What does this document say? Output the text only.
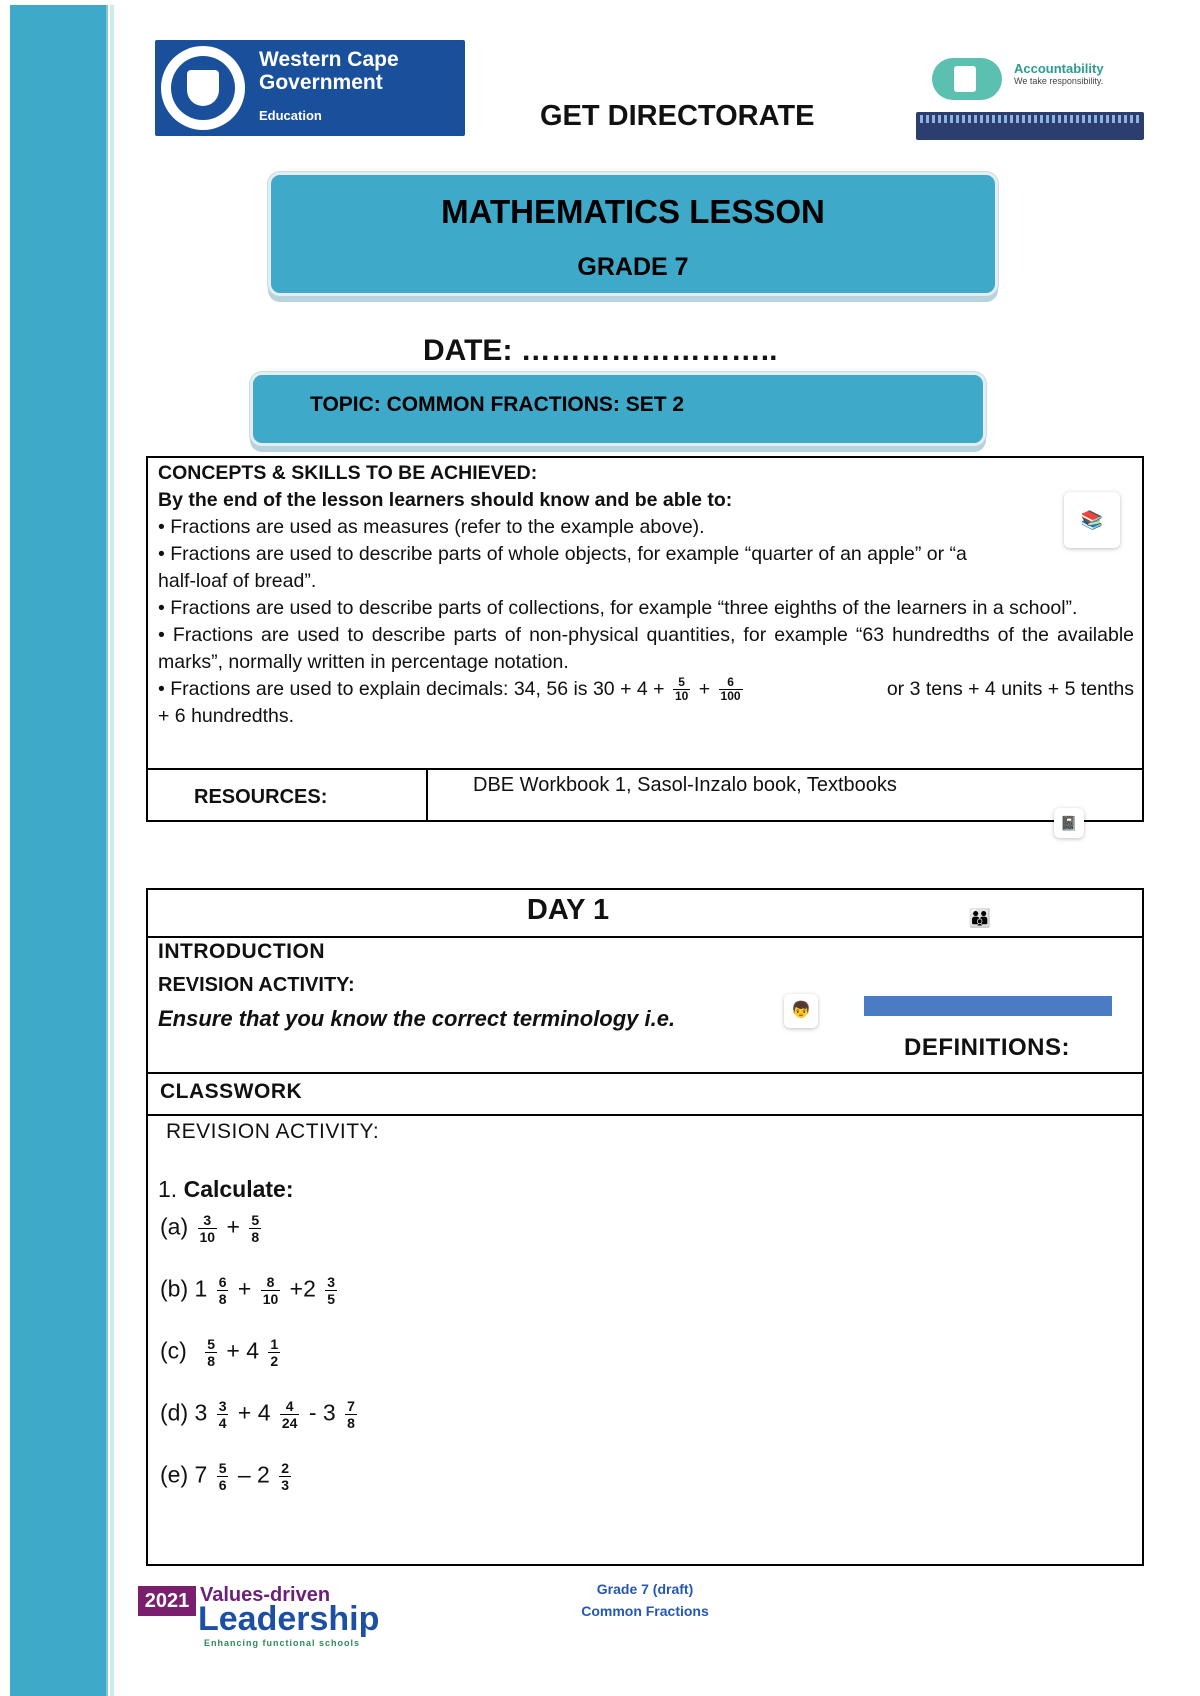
Western Cape
Government
Education	GET DIRECTORATE
Accountability
We take responsibility.
MATHEMATICS LESSON
GRADE 7
DATE: ……………………..
TOPIC: COMMON FRACTIONS: SET 2
CONCEPTS & SKILLS TO BE ACHIEVED:
By the end of the lesson learners should know and be able to:
• Fractions are used as measures (refer to the example above).
• Fractions are used to describe parts of whole objects, for example “quarter of an apple” or “a half-loaf of bread”.
• Fractions are used to describe parts of collections, for example “three eighths of the learners in a school”.
• Fractions are used to describe parts of non-physical quantities, for example “63 hundredths of the available marks”, normally written in percentage notation.
• Fractions are used to explain decimals: 34, 56 is $30 + 4 + \frac{5}{10} + \frac{6}{100}$	or 3 tens + 4 units + 5 tenths
+ 6 hundredths.
RESOURCES:
DBE Workbook 1, Sasol-Inzalo book, Textbooks
📚
📓
DAY 1	👪
INTRODUCTION
REVISION ACTIVITY:
Ensure that you know the correct terminology i.e.	👦
DEFINITIONS:
CLASSWORK
REVISION ACTIVITY:
1. Calculate:
$(a) \frac{3}{10} + \frac{5}{8}$
(b) $1 \frac{6}{8} + \frac{8}{10} +2 \frac{3}{5}$
$(c) \frac{5}{8} + 4 \frac{1}{2}$
(d) $3 \frac{3}{4} + 4 \frac{4}{24} - 3 \frac{7}{8}$
(e) $7 \frac{5}{6} - 2 \frac{2}{3}$
2021 Values-driven
Leadership
Enhancing functional schools
Grade 7 (draft)
Common Fractions
